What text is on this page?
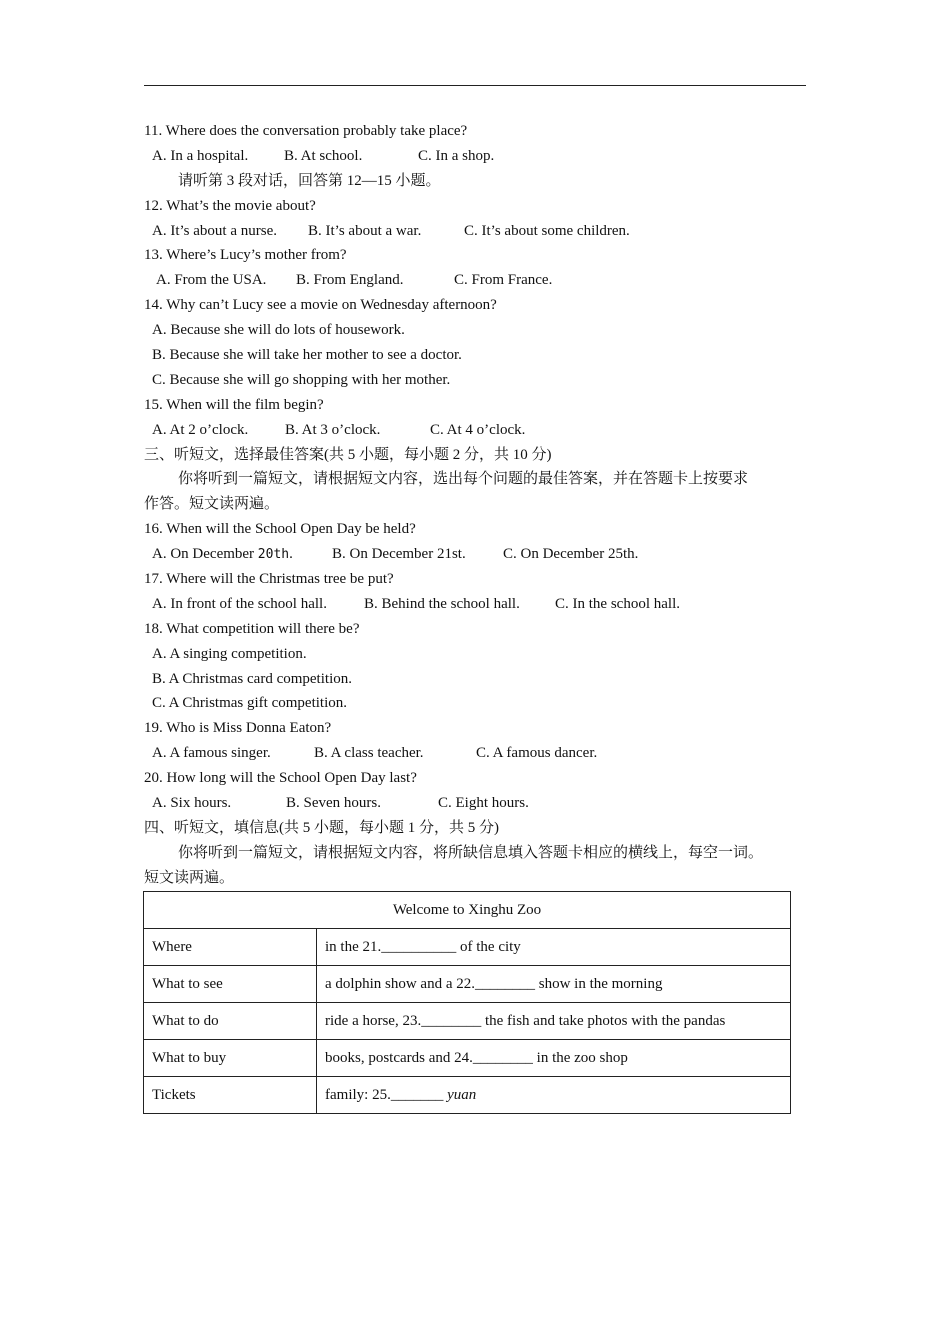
11. Where does the conversation probably take place?
A. In a hospital. B. At school.	C. In a shop.
请听第 3 段对话，回答第 12—15 小题。
12. What’s the movie about?
A. It’s about a nurse. B. It’s about a war.	C. It’s about some children.
13. Where’s Lucy’s mother from?
A. From the USA. B. From England.	C. From France.
14. Why can’t Lucy see a movie on Wednesday afternoon?
A. Because she will do lots of housework.
B. Because she will take her mother to see a doctor.
C. Because she will go shopping with her mother.
15. When will the film begin?
A. At 2 o’clock. B. At 3 o’clock.	C. At 4 o’clock.
三、听短文，选择最佳答案(共 5 小题，每小题 2 分，共 10 分)
你将听到一篇短文，请根据短文内容，选出每个问题的最佳答案，并在答题卡上按要求
作答。短文读两遍。
16. When will the School Open Day be held?
A. On December 20th.	B. On December 21st. C. On December 25th.
17. Where will the Christmas tree be put?
A. In front of the school hall. B. Behind the school hall. C. In the school hall.
18. What competition will there be?
A. A singing competition.
B. A Christmas card competition.
C. A Christmas gift competition.
19. Who is Miss Donna Eaton?
A. A famous singer.	B. A class teacher.	C. A famous dancer.
20. How long will the School Open Day last?
A. Six hours.	B. Seven hours.	C. Eight hours.
四、听短文，填信息(共 5 小题，每小题 1 分，共 5 分)
你将听到一篇短文，请根据短文内容，将所缺信息填入答题卡相应的横线上，每空一词。
短文读两遍。
Welcome to Xinghu Zoo	
Where	in the 21.__________ of the city
What to see	a dolphin show and a 22.________ show in the morning
What to do	ride a horse, 23.________ the fish and take photos with the pandas
What to buy	books, postcards and 24.________ in the zoo shop
Tickets	family: 25._______ yuan
